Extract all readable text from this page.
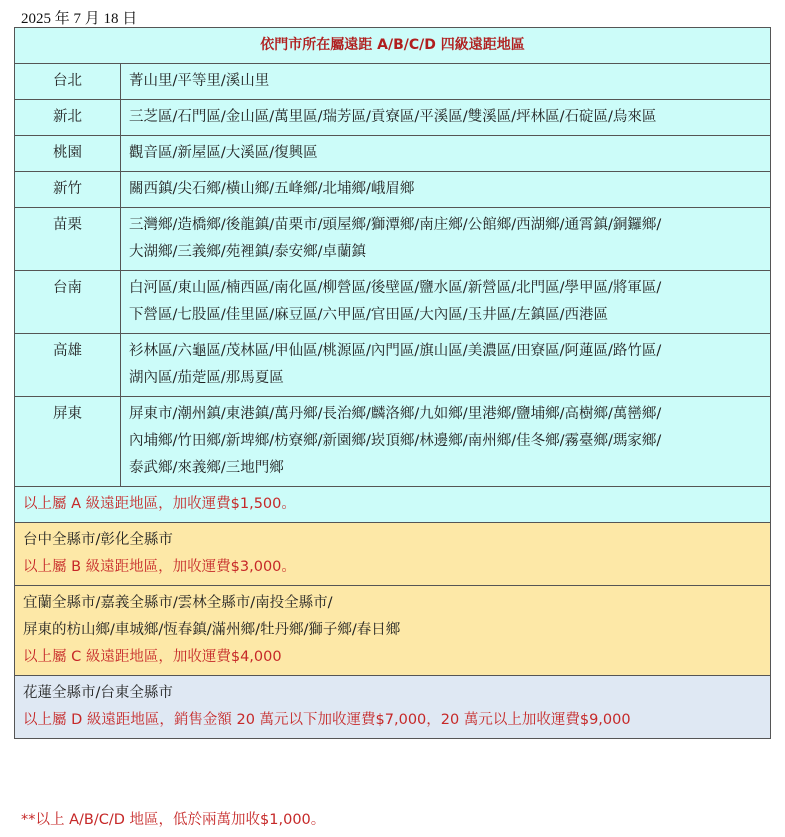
2025 年 7 月 18 日
依門市所在屬遠距 A/B/C/D 四級遠距地區	
台北	菁山里/平等里/溪山里

新北	三芝區/石門區/金山區/萬里區/瑞芳區/貢寮區/平溪區/雙溪區/坪林區/石碇區/烏來區

桃園	觀音區/新屋區/大溪區/復興區

新竹	關西鎮/尖石鄉/橫山鄉/五峰鄉/北埔鄉/峨眉鄉

苗栗	三灣鄉/造橋鄉/後龍鎮/苗栗市/頭屋鄉/獅潭鄉/南庄鄉/公館鄉/西湖鄉/通霄鎮/銅鑼鄉/
大湖鄉/三義鄉/苑裡鎮/泰安鄉/卓蘭鎮

台南	白河區/東山區/楠西區/南化區/柳營區/後壁區/鹽水區/新營區/北門區/學甲區/將軍區/
下營區/七股區/佳里區/麻豆區/六甲區/官田區/大內區/玉井區/左鎮區/西港區

高雄	衫林區/六龜區/茂林區/甲仙區/桃源區/內門區/旗山區/美濃區/田寮區/阿蓮區/路竹區/
湖內區/茄萣區/那馬夏區

屏東	屏東市/潮州鎮/東港鎮/萬丹鄉/長治鄉/麟洛鄉/九如鄉/里港鄉/鹽埔鄉/高樹鄉/萬巒鄉/
內埔鄉/竹田鄉/新埤鄉/枋寮鄉/新園鄉/崁頂鄉/林邊鄉/南州鄉/佳冬鄉/霧臺鄉/瑪家鄉/
泰武鄉/來義鄉/三地門鄉

以上屬 A 級遠距地區，加收運費$1,500。	

台中全縣市/彰化全縣市
以上屬 B 級遠距地區，加收運費$3,000。	

宜蘭全縣市/嘉義全縣市/雲林全縣市/南投全縣市/
屏東的枋山鄉/車城鄉/恆春鎮/滿州鄉/牡丹鄉/獅子鄉/春日鄉
以上屬 C 級遠距地區，加收運費$4,000	

花蓮全縣市/台東全縣市
以上屬 D 級遠距地區，銷售金額 20 萬元以下加收運費$7,000，20 萬元以上加收運費$9,000	
**以上 A/B/C/D 地區，低於兩萬加收$1,000。
